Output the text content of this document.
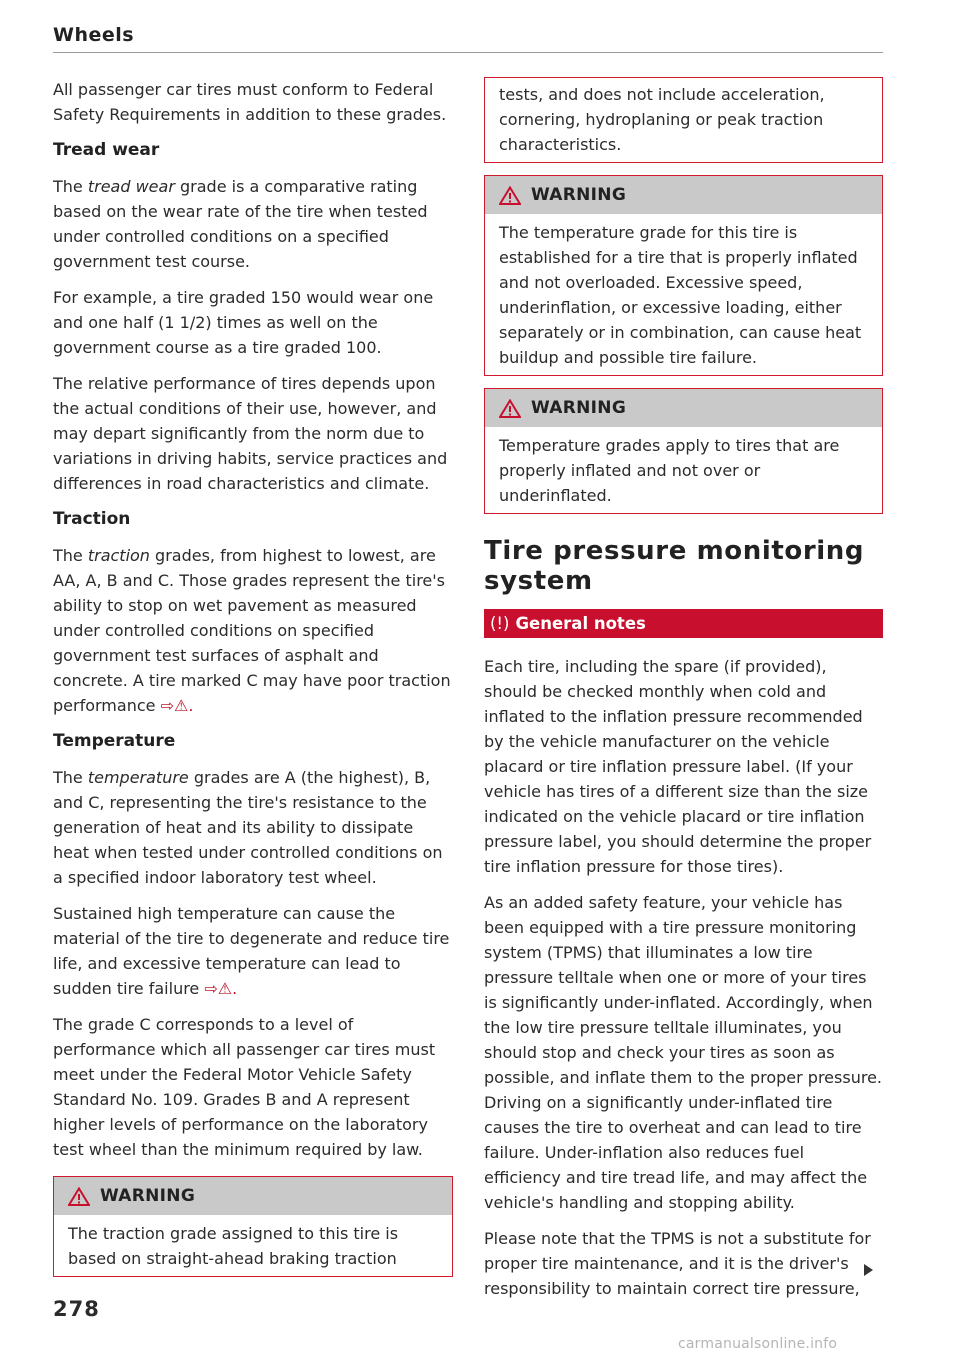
Wheels

All passenger car tires must conform to Federal Safety Requirements in addition to these grades.

Tread wear

The tread wear grade is a comparative rating based on the wear rate of the tire when tested under controlled conditions on a specified government test course.

For example, a tire graded 150 would wear one and one half (1 1/2) times as well on the government course as a tire graded 100.

The relative performance of tires depends upon the actual conditions of their use, however, and may depart significantly from the norm due to variations in driving habits, service practices and differences in road characteristics and climate.

Traction

The traction grades, from highest to lowest, are AA, A, B and C. Those grades represent the tire's ability to stop on wet pavement as measured under controlled conditions on specified government test surfaces of asphalt and concrete. A tire marked C may have poor traction performance ⇨⚠.

Temperature

The temperature grades are A (the highest), B, and C, representing the tire's resistance to the generation of heat and its ability to dissipate heat when tested under controlled conditions on a specified indoor laboratory test wheel.

Sustained high temperature can cause the material of the tire to degenerate and reduce tire life, and excessive temperature can lead to sudden tire failure ⇨⚠.

The grade C corresponds to a level of performance which all passenger car tires must meet under the Federal Motor Vehicle Safety Standard No. 109. Grades B and A represent higher levels of performance on the laboratory test wheel than the minimum required by law.

WARNING
The traction grade assigned to this tire is based on straight-ahead braking traction
tests, and does not include acceleration, cornering, hydroplaning or peak traction characteristics.
WARNING
The temperature grade for this tire is established for a tire that is properly inflated and not overloaded. Excessive speed, underinflation, or excessive loading, either separately or in combination, can cause heat buildup and possible tire failure.
WARNING
Temperature grades apply to tires that are properly inflated and not over or underinflated.
Tire pressure monitoring system
(!) General notes

Each tire, including the spare (if provided), should be checked monthly when cold and inflated to the inflation pressure recommended by the vehicle manufacturer on the vehicle placard or tire inflation pressure label. (If your vehicle has tires of a different size than the size indicated on the vehicle placard or tire inflation pressure label, you should determine the proper tire inflation pressure for those tires).

As an added safety feature, your vehicle has been equipped with a tire pressure monitoring system (TPMS) that illuminates a low tire pressure telltale when one or more of your tires is significantly under-inflated. Accordingly, when the low tire pressure telltale illuminates, you should stop and check your tires as soon as possible, and inflate them to the proper pressure. Driving on a significantly under-inflated tire causes the tire to overheat and can lead to tire failure. Under-inflation also reduces fuel efficiency and tire tread life, and may affect the vehicle's handling and stopping ability.

Please note that the TPMS is not a substitute for proper tire maintenance, and it is the driver's responsibility to maintain correct tire pressure,

278
carmanualsonline.info
